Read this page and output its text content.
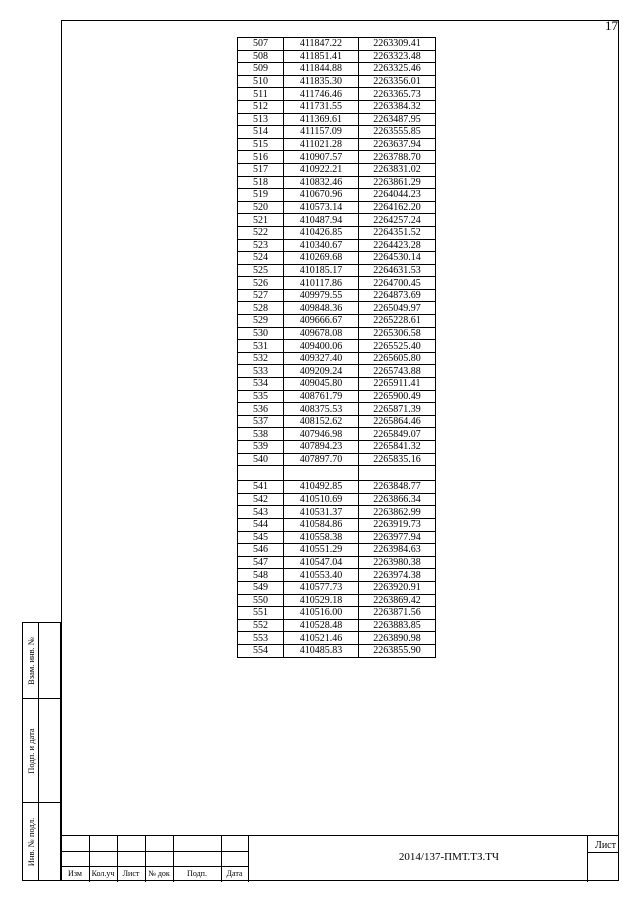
17
507	411847.22	2263309.41
508	411851.41	2263323.48
509	411844.88	2263325.46
510	411835.30	2263356.01
511	411746.46	2263365.73
512	411731.55	2263384.32
513	411369.61	2263487.95
514	411157.09	2263555.85
515	411021.28	2263637.94
516	410907.57	2263788.70
517	410922.21	2263831.02
518	410832.46	2263861.29
519	410670.96	2264044.23
520	410573.14	2264162.20
521	410487.94	2264257.24
522	410426.85	2264351.52
523	410340.67	2264423.28
524	410269.68	2264530.14
525	410185.17	2264631.53
526	410117.86	2264700.45
527	409979.55	2264873.69
528	409848.36	2265049.97
529	409666.67	2265228.61
530	409678.08	2265306.58
531	409400.06	2265525.40
532	409327.40	2265605.80
533	409209.24	2265743.88
534	409045.80	2265911.41
535	408761.79	2265900.49
536	408375.53	2265871.39
537	408152.62	2265864.46
538	407946.98	2265849.07
539	407894.23	2265841.32
540	407897.70	2265835.16

541	410492.85	2263848.77
542	410510.69	2263866.34
543	410531.37	2263862.99
544	410584.86	2263919.73
545	410558.38	2263977.94
546	410551.29	2263984.63
547	410547.04	2263980.38
548	410553.40	2263974.38
549	410577.73	2263920.91
550	410529.18	2263869.42
551	410516.00	2263871.56
552	410528.48	2263883.85
553	410521.46	2263890.98
554	410485.83	2263855.90
Взам. инв. №
Подп. и дата
Инв. № подл.
Изм	Кол.уч	Лист	№ док	Подп.	Дата
2014/137-ПМТ.ТЗ.ТЧ
Лист
